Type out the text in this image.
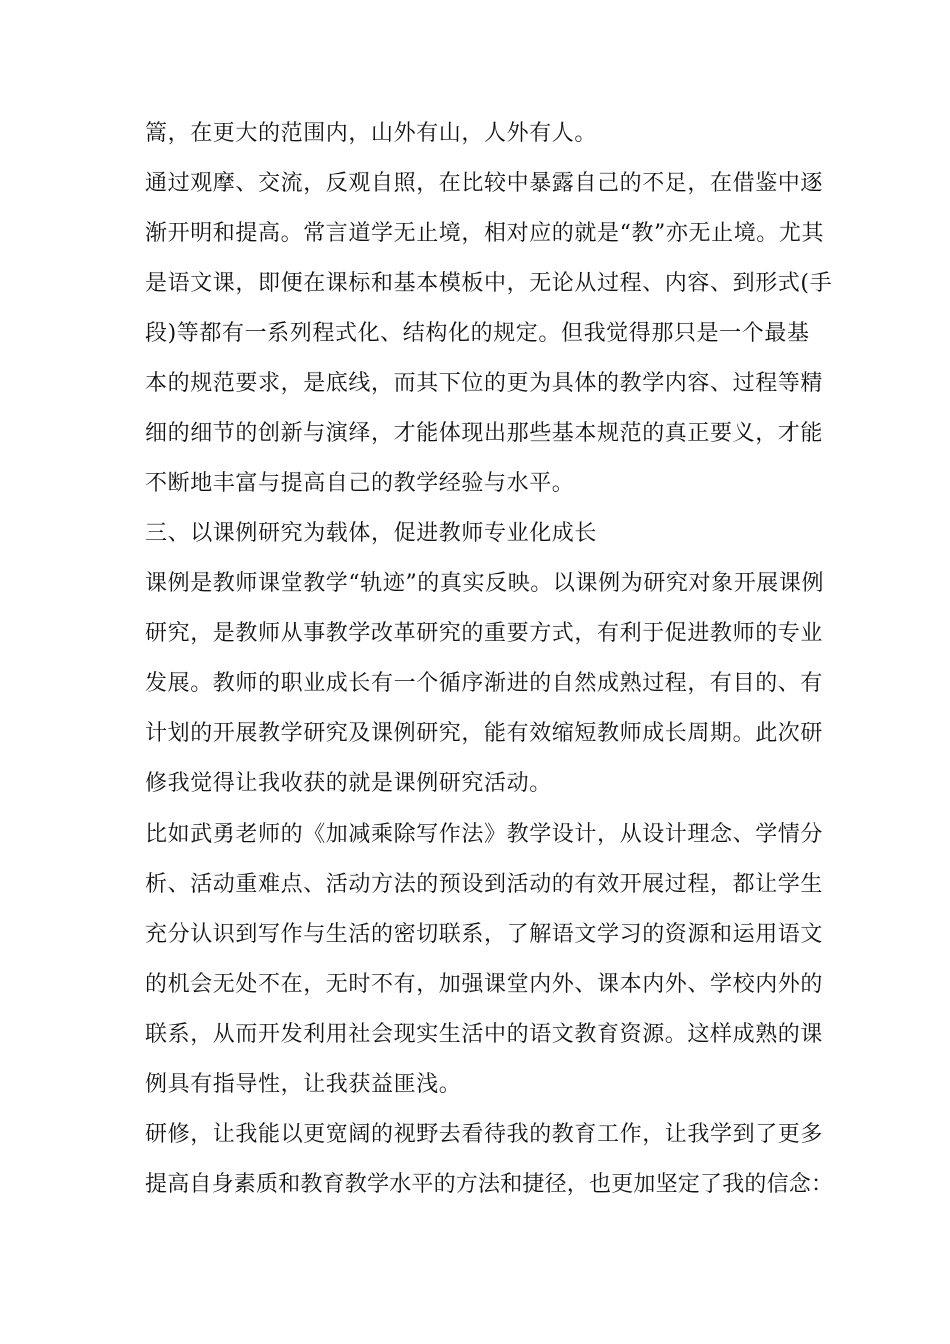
篙，在更大的范围内，山外有山，人外有人。
通过观摩、交流，反观自照，在比较中暴露自己的不足，在借鉴中逐
渐开明和提高。常言道学无止境，相对应的就是“教”亦无止境。尤其
是语文课，即便在课标和基本模板中，无论从过程、内容、到形式(手
段)等都有一系列程式化、结构化的规定。但我觉得那只是一个最基
本的规范要求，是底线，而其下位的更为具体的教学内容、过程等精
细的细节的创新与演绎，才能体现出那些基本规范的真正要义，才能
不断地丰富与提高自己的教学经验与水平。
三、以课例研究为载体，促进教师专业化成长
课例是教师课堂教学“轨迹”的真实反映。以课例为研究对象开展课例
研究，是教师从事教学改革研究的重要方式，有利于促进教师的专业
发展。教师的职业成长有一个循序渐进的自然成熟过程，有目的、有
计划的开展教学研究及课例研究，能有效缩短教师成长周期。此次研
修我觉得让我收获的就是课例研究活动。
比如武勇老师的《加减乘除写作法》教学设计，从设计理念、学情分
析、活动重难点、活动方法的预设到活动的有效开展过程，都让学生
充分认识到写作与生活的密切联系，了解语文学习的资源和运用语文
的机会无处不在，无时不有，加强课堂内外、课本内外、学校内外的
联系，从而开发利用社会现实生活中的语文教育资源。这样成熟的课
例具有指导性，让我获益匪浅。
研修，让我能以更宽阔的视野去看待我的教育工作，让我学到了更多
提高自身素质和教育教学水平的方法和捷径，也更加坚定了我的信念：
